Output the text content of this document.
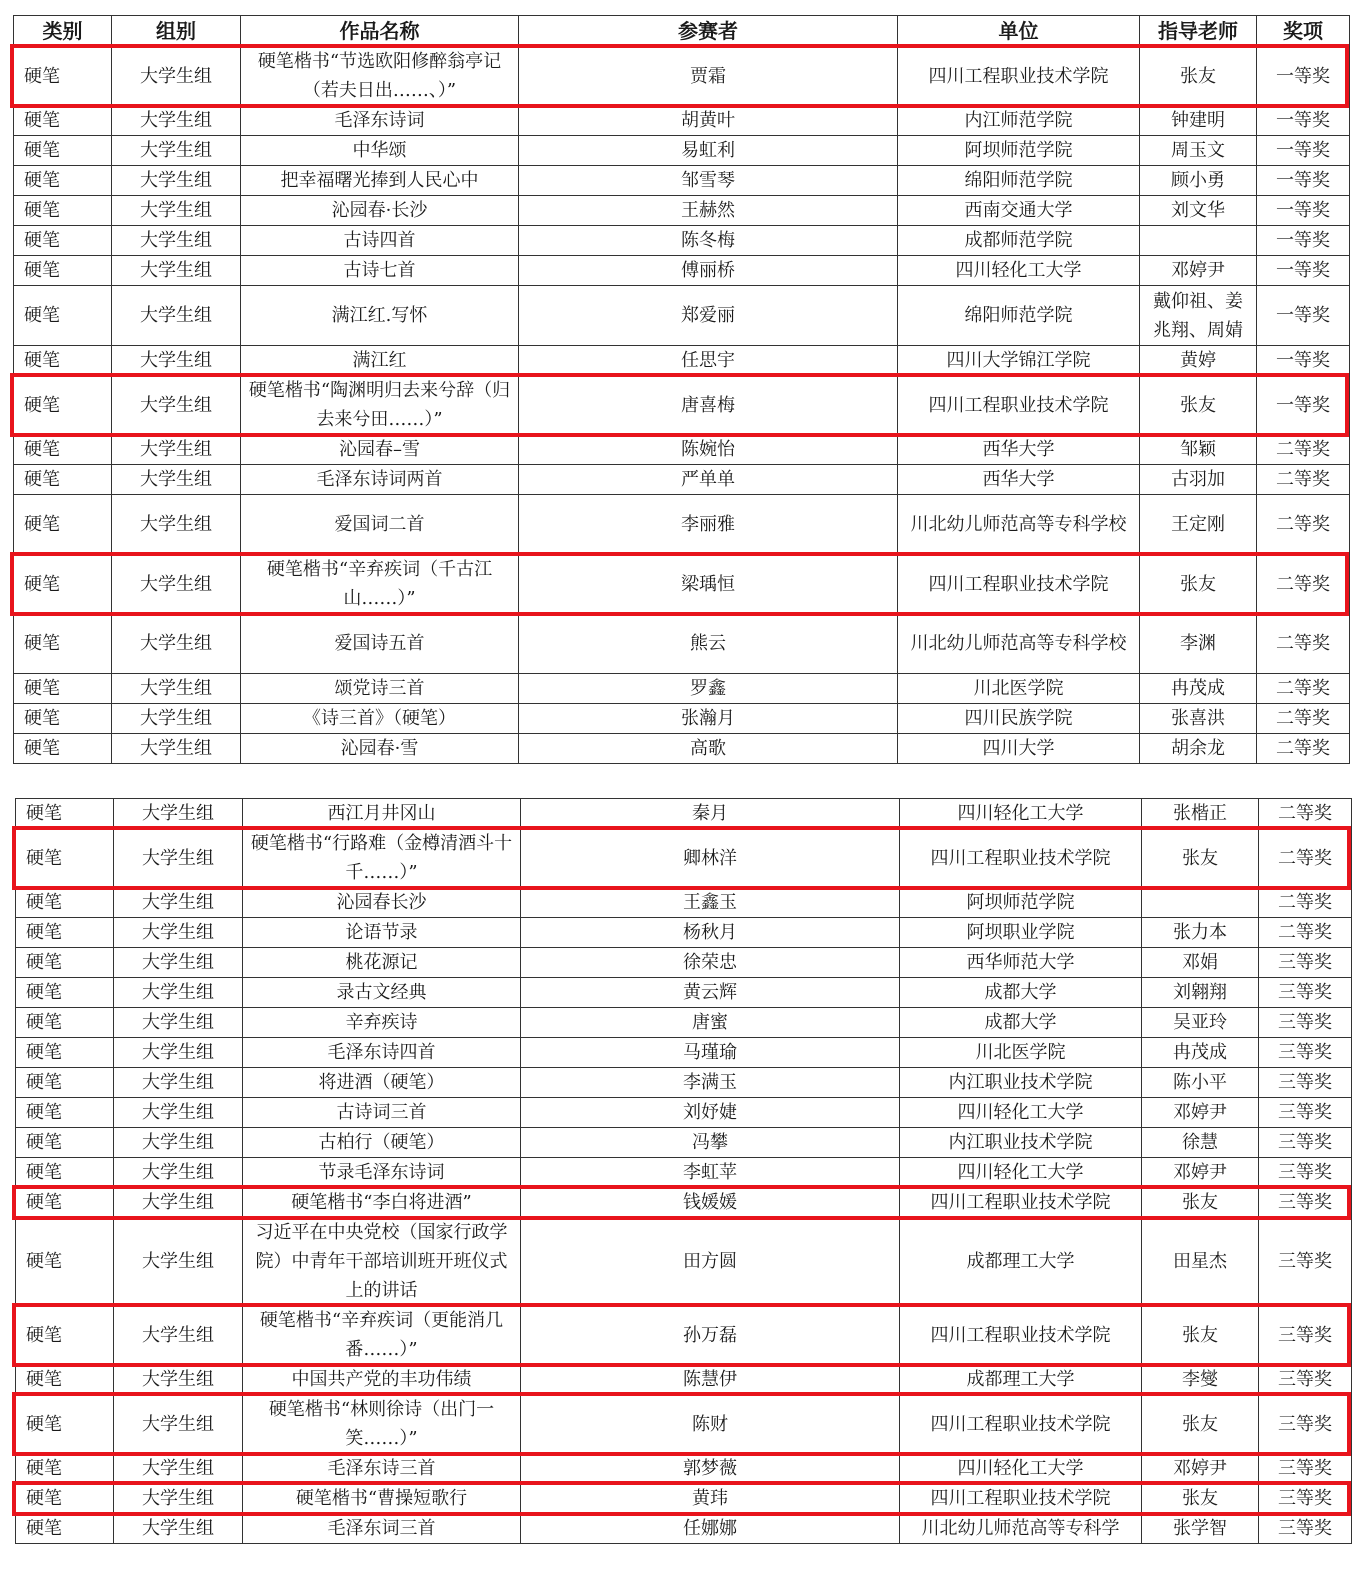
类别	组别	作品名称	参赛者	单位	指导老师	奖项
硬笔	大学生组	硬笔楷书“节选欧阳修醉翁亭记（若夫日出……、）”	贾霜	四川工程职业技术学院	张友	一等奖
硬笔	大学生组	毛泽东诗词	胡黄叶	内江师范学院	钟建明	一等奖
硬笔	大学生组	中华颂	易虹利	阿坝师范学院	周玉文	一等奖
硬笔	大学生组	把幸福曙光捧到人民心中	邹雪琴	绵阳师范学院	顾小勇	一等奖
硬笔	大学生组	沁园春·长沙	王赫然	西南交通大学	刘文华	一等奖
硬笔	大学生组	古诗四首	陈冬梅	成都师范学院		一等奖
硬笔	大学生组	古诗七首	傅丽桥	四川轻化工大学	邓婷尹	一等奖
硬笔	大学生组	满江红.写怀	郑爱丽	绵阳师范学院	戴仰祖、姜兆翔、周婧	一等奖
硬笔	大学生组	满江红	任思宇	四川大学锦江学院	黄婷	一等奖
硬笔	大学生组	硬笔楷书“陶渊明归去来兮辞（归去来兮田……）”	唐喜梅	四川工程职业技术学院	张友	一等奖
硬笔	大学生组	沁园春–雪	陈婉怡	西华大学	邹颖	二等奖
硬笔	大学生组	毛泽东诗词两首	严单单	西华大学	古羽加	二等奖
硬笔	大学生组	爱国词二首	李丽雅	川北幼儿师范高等专科学校	王定刚	二等奖
硬笔	大学生组	硬笔楷书“辛弃疾词（千古江山……）”	梁瑀恒	四川工程职业技术学院	张友	二等奖
硬笔	大学生组	爱国诗五首	熊云	川北幼儿师范高等专科学校	李渊	二等奖
硬笔	大学生组	颂党诗三首	罗鑫	川北医学院	冉茂成	二等奖
硬笔	大学生组	《诗三首》（硬笔）	张瀚月	四川民族学院	张喜洪	二等奖
硬笔	大学生组	沁园春·雪	高歌	四川大学	胡余龙	二等奖
硬笔	大学生组	西江月井冈山	秦月	四川轻化工大学	张楷正	二等奖
硬笔	大学生组	硬笔楷书“行路难（金樽清酒斗十千……）”	卿林洋	四川工程职业技术学院	张友	二等奖
硬笔	大学生组	沁园春长沙	王鑫玉	阿坝师范学院		二等奖
硬笔	大学生组	论语节录	杨秋月	阿坝职业学院	张力本	二等奖
硬笔	大学生组	桃花源记	徐荣忠	西华师范大学	邓娟	三等奖
硬笔	大学生组	录古文经典	黄云辉	成都大学	刘翱翔	三等奖
硬笔	大学生组	辛弃疾诗	唐蜜	成都大学	吴亚玲	三等奖
硬笔	大学生组	毛泽东诗四首	马瑾瑜	川北医学院	冉茂成	三等奖
硬笔	大学生组	将进酒（硬笔）	李满玉	内江职业技术学院	陈小平	三等奖
硬笔	大学生组	古诗词三首	刘妤婕	四川轻化工大学	邓婷尹	三等奖
硬笔	大学生组	古柏行（硬笔）	冯攀	内江职业技术学院	徐慧	三等奖
硬笔	大学生组	节录毛泽东诗词	李虹苹	四川轻化工大学	邓婷尹	三等奖
硬笔	大学生组	硬笔楷书“李白将进酒”	钱媛媛	四川工程职业技术学院	张友	三等奖
硬笔	大学生组	习近平在中央党校（国家行政学院）中青年干部培训班开班仪式上的讲话	田方圆	成都理工大学	田星杰	三等奖
硬笔	大学生组	硬笔楷书“辛弃疾词（更能消几番……）”	孙万磊	四川工程职业技术学院	张友	三等奖
硬笔	大学生组	中国共产党的丰功伟绩	陈慧伊	成都理工大学	李燮	三等奖
硬笔	大学生组	硬笔楷书“林则徐诗（出门一笑……）”	陈财	四川工程职业技术学院	张友	三等奖
硬笔	大学生组	毛泽东诗三首	郭梦薇	四川轻化工大学	邓婷尹	三等奖
硬笔	大学生组	硬笔楷书“曹操短歌行	黄玮	四川工程职业技术学院	张友	三等奖
硬笔	大学生组	毛泽东词三首	任娜娜	川北幼儿师范高等专科学	张学智	三等奖
